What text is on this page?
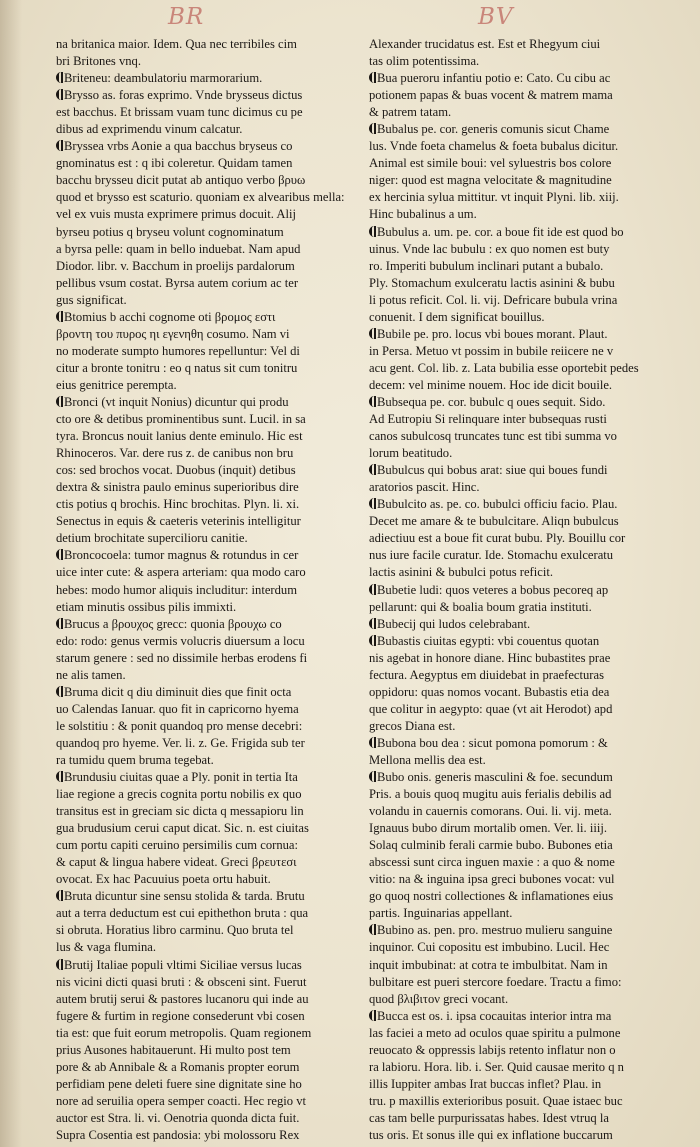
BR	BV
na britanica maior. Idem. Qua nec terribiles cim
bri Britones vnq.
Briteneu: deambulatoriu marmorarium.
Brysso as. foras exprimo. Vnde brysseus dictus
est bacchus. Et brissam vuam tunc dicimus cu pe
dibus ad exprimendu vinum calcatur.
Bryssea vrbs Aonie a qua bacchus bryseus co
gnominatus est : q ibi coleretur. Quidam tamen
bacchu brysseu dicit putat ab antiquo verbo βρυω
quod et brysso est scaturio. quoniam ex alvearibus mella:
vel ex vuis musta exprimere primus docuit. Alij
byrseu potius q bryseu volunt cognominatum
a byrsa pelle: quam in bello induebat. Nam apud
Diodor. libr. v. Bacchum in proelijs pardalorum
pellibus vsum costat. Byrsa autem corium ac ter
gus significat.
Btomius b acchi cognome oti βρομος εστι
βροντη του πυρος ηι εγενηθη cosumo. Nam vi
no moderate sumpto humores repelluntur: Vel di
citur a bronte tonitru : eo q natus sit cum tonitru
eius genitrice perempta.
Bronci (vt inquit Nonius) dicuntur qui produ
cto ore & detibus prominentibus sunt. Lucil. in sa
tyra. Broncus nouit lanius dente eminulo. Hic est
Rhinoceros. Var. dere rus z. de canibus non bru
cos: sed brochos vocat. Duobus (inquit) detibus
dextra & sinistra paulo eminus superioribus dire
ctis potius q brochis. Hinc brochitas. Plyn. li. xi.
Senectus in equis & caeteris veterinis intelligitur
detium brochitate supercilioru canitie.
Broncocoela: tumor magnus & rotundus in cer
uice inter cute: & aspera arteriam: qua modo caro
hebes: modo humor aliquis includitur: interdum
etiam minutis ossibus pilis immixti.
Brucus a βρουχος grecc: quonia βρουχω co
edo: rodo: genus vermis volucris diuersum a locu
starum genere : sed no dissimile herbas erodens fi
ne alis tamen.
Bruma dicit q diu diminuit dies que finit octa
uo Calendas Ianuar. quo fit in capricorno hyema
le solstitiu : & ponit quandoq pro mense decebri:
quandoq pro hyeme. Ver. li. z. Ge. Frigida sub ter
ra tumidu quem bruma tegebat.
Brundusiu ciuitas quae a Ply. ponit in tertia Ita
liae regione a grecis cognita portu nobilis ex quo
transitus est in greciam sic dicta q messapioru lin
gua brudusium cerui caput dicat. Sic. n. est ciuitas
cum portu capiti ceruino persimilis cum cornua:
& caput & lingua habere videat. Greci βρευτεσι
ovocat. Ex hac Pacuuius poeta ortu habuit.
Bruta dicuntur sine sensu stolida & tarda. Brutu
aut a terra deductum est cui epithethon bruta : qua
si obruta. Horatius libro carminu. Quo bruta tel
lus & vaga flumina.
Brutij Italiae populi vltimi Siciliae versus lucas
nis vicini dicti quasi bruti : & obsceni sint. Fuerut
autem brutij serui & pastores lucanoru qui inde au
fugere & furtim in regione consederunt vbi cosen
tia est: que fuit eorum metropolis. Quam regionem
prius Ausones habitauerunt. Hi multo post tem
pore & ab Annibale & a Romanis propter eorum
perfidiam pene deleti fuere sine dignitate sine ho
nore ad seruilia opera semper coacti. Hec regio vt
auctor est Stra. li. vi. Oenotria quonda dicta fuit.
Supra Cosentia est pandosia: ybi molossoru Rex
Alexander trucidatus est. Est et Rhegyum ciui
tas olim potentissima.
Bua pueroru infantiu potio e: Cato. Cu cibu ac
potionem papas & buas vocent & matrem mama
& patrem tatam.
Bubalus pe. cor. generis comunis sicut Chame
lus. Vnde foeta chamelus & foeta bubalus dicitur.
Animal est simile boui: vel syluestris bos colore
niger: quod est magna velocitate & magnitudine
ex hercinia sylua mittitur. vt inquit Plyni. lib. xiij.
Hinc bubalinus a um.
Bubulus a. um. pe. cor. a boue fit ide est quod bo
uinus. Vnde lac bubulu : ex quo nomen est buty
ro. Imperiti bubulum inclinari putant a bubalo.
Ply. Stomachum exulceratu lactis asinini & bubu
li potus reficit. Col. li. vij. Defricare bubula vrina
conuenit. I dem significat bouillus.
Bubile pe. pro. locus vbi boues morant. Plaut.
in Persa. Metuo vt possim in bubile reiicere ne v
acu gent. Col. lib. z. Lata bubilia esse oportebit pedes
decem: vel minime nouem. Hoc ide dicit bouile.
Bubsequa pe. cor. bubulc q oues sequit. Sido.
Ad Eutropiu Si relinquare inter bubsequas rusti
canos subulcosq truncates tunc est tibi summa vo
lorum beatitudo.
Bubulcus qui bobus arat: siue qui boues fundi
aratorios pascit. Hinc.
Bubulcito as. pe. co. bubulci officiu facio. Plau.
Decet me amare & te bubulcitare. Aliqn bubulcus
adiectiuu est a boue fit curat bubu. Ply. Bouillu cor
nus iure facile curatur. Ide. Stomachu exulceratu
lactis asinini & bubulci potus reficit.
Bubetie ludi: quos veteres a bobus pecoreq ap
pellarunt: qui & boalia boum gratia instituti.
Bubecij qui ludos celebrabant.
Bubastis ciuitas egypti: vbi couentus quotan
nis agebat in honore diane. Hinc bubastites prae
fectura. Aegyptus em diuidebat in praefecturas
oppidoru: quas nomos vocant. Bubastis etia dea
que colitur in aegypto: quae (vt ait Herodot) apd
grecos Diana est.
Bubona bou dea : sicut pomona pomorum : &
Mellona mellis dea est.
Bubo onis. generis masculini & foe. secundum
Pris. a bouis quoq mugitu auis ferialis debilis ad
volandu in cauernis comorans. Oui. li. vij. meta.
Ignauus bubo dirum mortalib omen. Ver. li. iiij.
Solaq culminib ferali carmie bubo. Bubones etia
abscessi sunt circa inguen maxie : a quo & nome
vitio: na & inguina ipsa greci bubones vocat: vul
go quoq nostri collectiones & inflamationes eius
partis. Inguinarias appellant.
Bubino as. pen. pro. mestruo mulieru sanguine
inquinor. Cui copositu est imbubino. Lucil. Hec
inquit imbubinat: at cotra te imbulbitat. Nam in
bulbitare est pueri stercore foedare. Tractu a fimo:
quod βλιβιτον greci vocant.
Bucca est os. i. ipsa cocauitas interior intra ma
las faciei a meto ad oculos quae spiritu a pulmone
reuocato & oppressis labijs retento inflatur non o
ra labioru. Hora. lib. i. Ser. Quid causae merito q n
illis Iuppiter ambas Irat buccas inflet? Plau. in
tru. p maxillis exterioribus posuit. Quae istaec buc
cas tam belle purpurissatas habes. Idest vtruq la
tus oris. Et sonus ille qui ex inflatione buccarum
